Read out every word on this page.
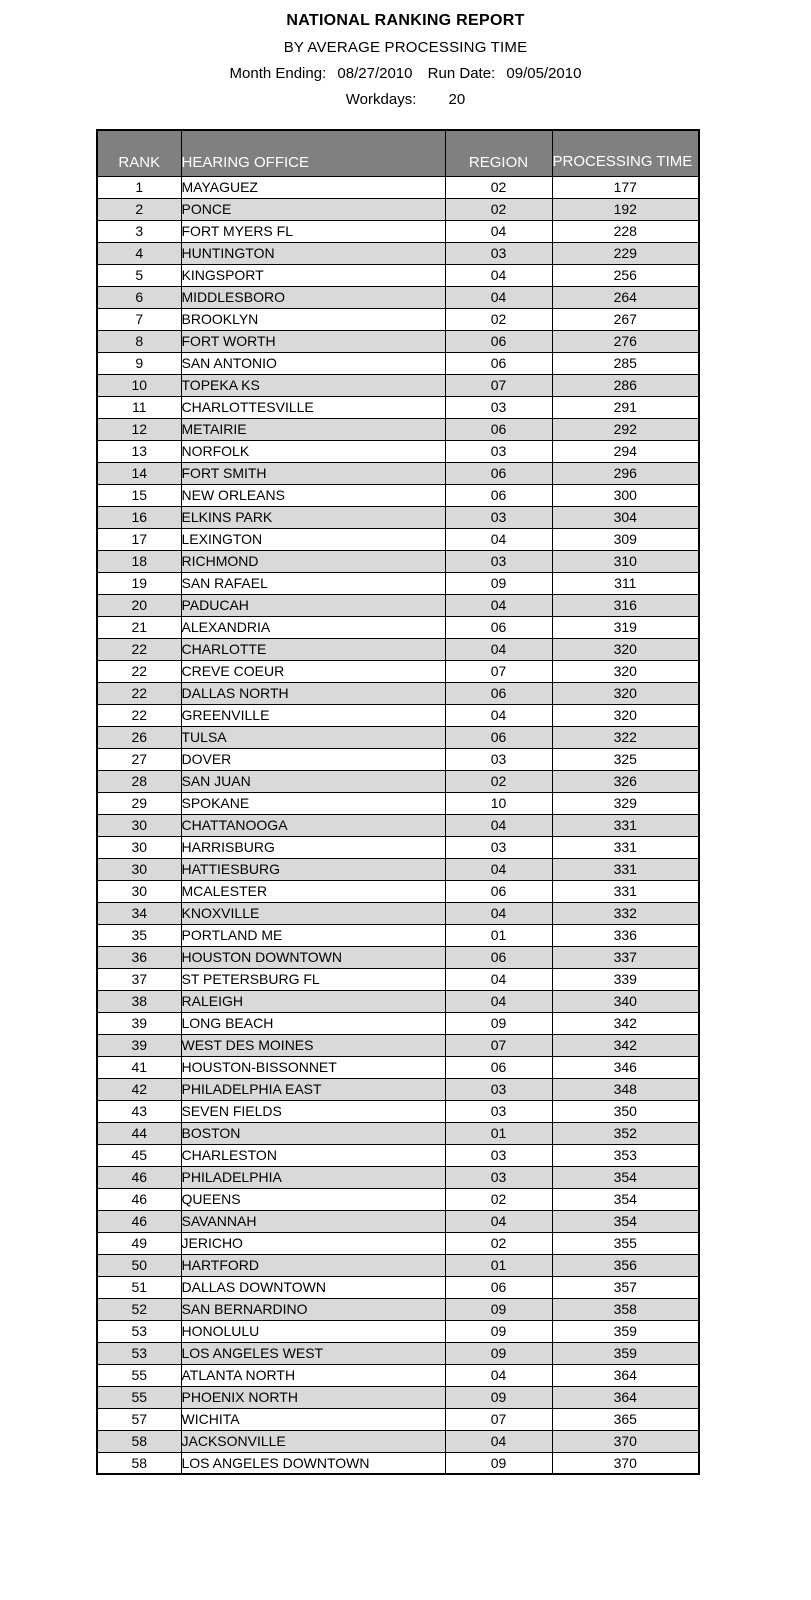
NATIONAL RANKING REPORT
BY AVERAGE PROCESSING TIME
Month Ending: 08/27/2010 Run Date: 09/05/2010
Workdays: 20
RANK	HEARING OFFICE	REGION	PROCESSING TIME
1	MAYAGUEZ	02	177
2	PONCE	02	192
3	FORT MYERS FL	04	228
4	HUNTINGTON	03	229
5	KINGSPORT	04	256
6	MIDDLESBORO	04	264
7	BROOKLYN	02	267
8	FORT WORTH	06	276
9	SAN ANTONIO	06	285
10	TOPEKA KS	07	286
11	CHARLOTTESVILLE	03	291
12	METAIRIE	06	292
13	NORFOLK	03	294
14	FORT SMITH	06	296
15	NEW ORLEANS	06	300
16	ELKINS PARK	03	304
17	LEXINGTON	04	309
18	RICHMOND	03	310
19	SAN RAFAEL	09	311
20	PADUCAH	04	316
21	ALEXANDRIA	06	319
22	CHARLOTTE	04	320
22	CREVE COEUR	07	320
22	DALLAS NORTH	06	320
22	GREENVILLE	04	320
26	TULSA	06	322
27	DOVER	03	325
28	SAN JUAN	02	326
29	SPOKANE	10	329
30	CHATTANOOGA	04	331
30	HARRISBURG	03	331
30	HATTIESBURG	04	331
30	MCALESTER	06	331
34	KNOXVILLE	04	332
35	PORTLAND ME	01	336
36	HOUSTON DOWNTOWN	06	337
37	ST PETERSBURG FL	04	339
38	RALEIGH	04	340
39	LONG BEACH	09	342
39	WEST DES MOINES	07	342
41	HOUSTON-BISSONNET	06	346
42	PHILADELPHIA EAST	03	348
43	SEVEN FIELDS	03	350
44	BOSTON	01	352
45	CHARLESTON	03	353
46	PHILADELPHIA	03	354
46	QUEENS	02	354
46	SAVANNAH	04	354
49	JERICHO	02	355
50	HARTFORD	01	356
51	DALLAS DOWNTOWN	06	357
52	SAN BERNARDINO	09	358
53	HONOLULU	09	359
53	LOS ANGELES WEST	09	359
55	ATLANTA NORTH	04	364
55	PHOENIX NORTH	09	364
57	WICHITA	07	365
58	JACKSONVILLE	04	370
58	LOS ANGELES DOWNTOWN	09	370
